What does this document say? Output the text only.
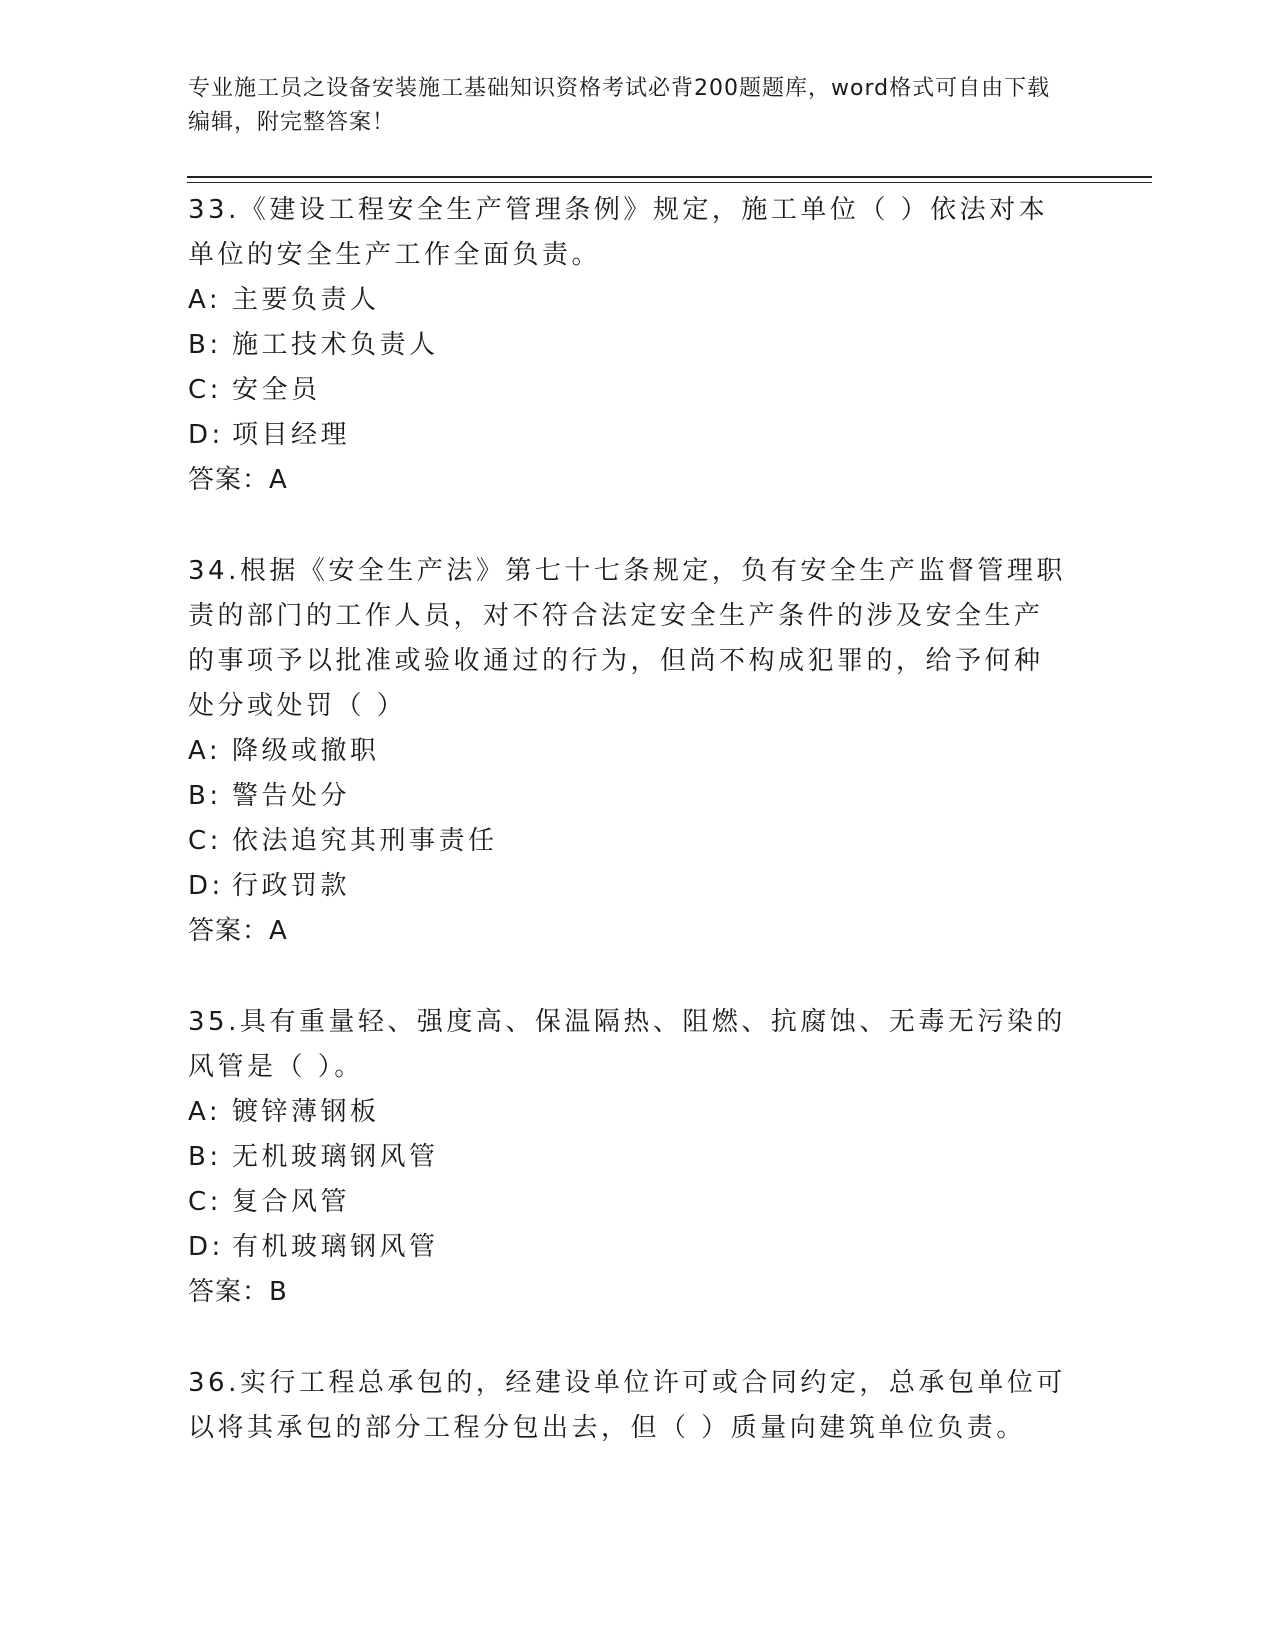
专业施工员之设备安装施工基础知识资格考试必背200题题库，word格式可自由下载编辑，附完整答案！

33.《建设工程安全生产管理条例》规定，施工单位（ ）依法对本单位的安全生产工作全面负责。

A: 主要负责人

B: 施工技术负责人

C: 安全员

D: 项目经理

答案：A

34.根据《安全生产法》第七十七条规定，负有安全生产监督管理职责的部门的工作人员，对不符合法定安全生产条件的涉及安全生产的事项予以批准或验收通过的行为，但尚不构成犯罪的，给予何种处分或处罚（ ）

A: 降级或撤职

B: 警告处分

C: 依法追究其刑事责任

D: 行政罚款

答案：A

35.具有重量轻、强度高、保温隔热、阻燃、抗腐蚀、无毒无污染的风管是（ ）。

A: 镀锌薄钢板

B: 无机玻璃钢风管

C: 复合风管

D: 有机玻璃钢风管

答案：B

36.实行工程总承包的，经建设单位许可或合同约定，总承包单位可以将其承包的部分工程分包出去，但（ ）质量向建筑单位负责。
